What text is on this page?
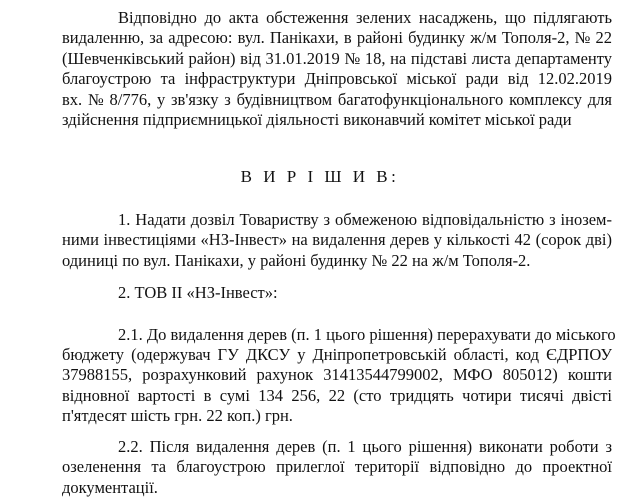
Відповідно до акта обстеження зелених насаджень, що підлягають
видаленню, за адресою: вул. Панікахи, в районі будинку ж/м Тополя-2, № 22
(Шевченківський район) від 31.01.2019 № 18, на підставі листа департаменту
благоустрою та інфраструктури Дніпровської міської ради від 12.02.2019
вх. № 8/776, у зв'язку з будівництвом багатофункціонального комплексу для
здійснення підприємницької діяльності виконавчий комітет міської ради
В И Р І Ш И В:
1. Надати дозвіл Товариству з обмеженою відповідальністю з інозем-
ними інвестиціями «НЗ-Інвест» на видалення дерев у кількості 42 (сорок дві)
одиниці по вул. Панікахи, у районі будинку № 22 на ж/м Тополя-2.
2. ТОВ ІІ «НЗ-Інвест»:
2.1. До видалення дерев (п. 1 цього рішення) перерахувати до міського
бюджету (одержувач ГУ ДКСУ у Дніпропетровській області, код ЄДРПОУ
37988155, розрахунковий рахунок 31413544799002, МФО 805012) кошти
відновної вартості в сумі 134 256, 22 (сто тридцять чотири тисячі двісті
п'ятдесят шість грн. 22 коп.) грн.
2.2. Після видалення дерев (п. 1 цього рішення) виконати роботи з
озеленення та благоустрою прилеглої території відповідно до проектної
документації.
